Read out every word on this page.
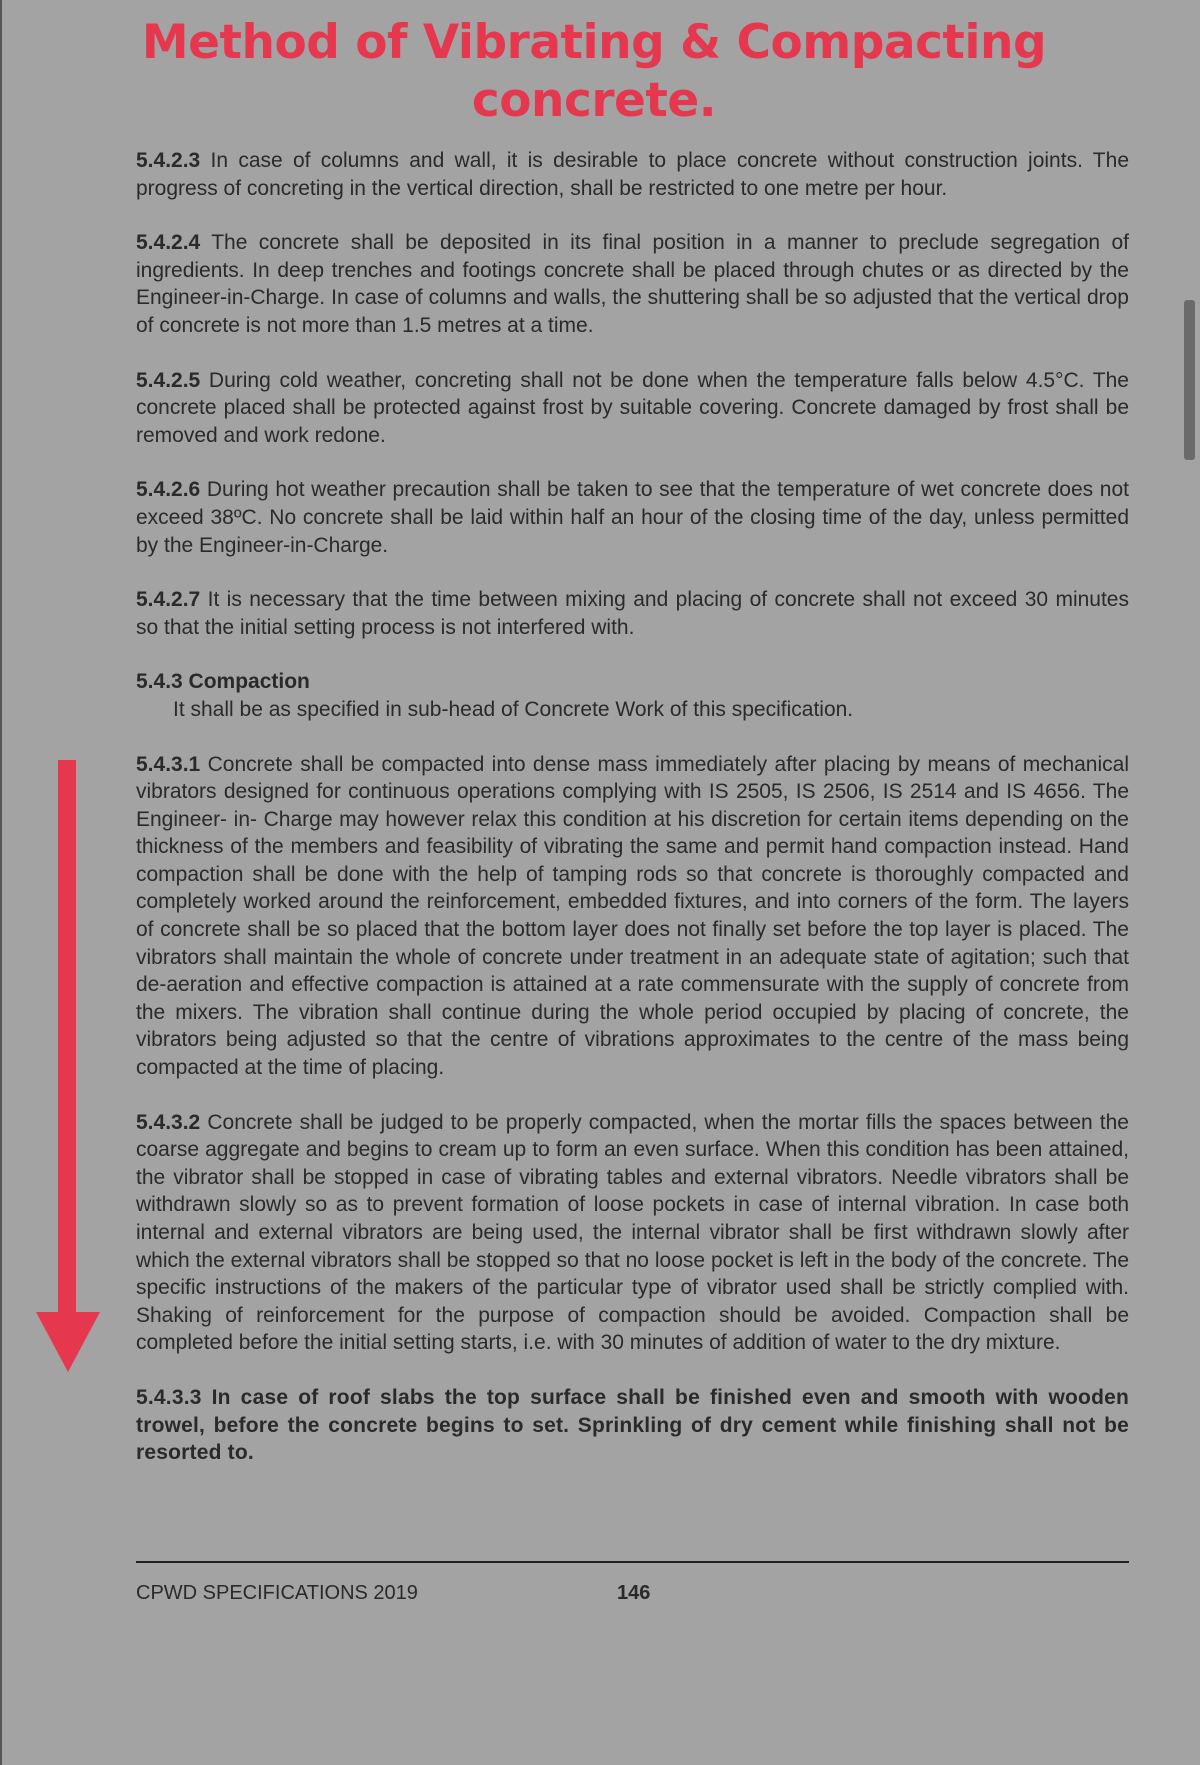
Method of Vibrating & Compacting
concrete.

5.4.2.3 In case of columns and wall, it is desirable to place concrete without construction joints. The progress of concreting in the vertical direction, shall be restricted to one metre per hour.

5.4.2.4 The concrete shall be deposited in its final position in a manner to preclude segregation of ingredients. In deep trenches and footings concrete shall be placed through chutes or as directed by the Engineer-in-Charge. In case of columns and walls, the shuttering shall be so adjusted that the vertical drop of concrete is not more than 1.5 metres at a time.

5.4.2.5 During cold weather, concreting shall not be done when the temperature falls below 4.5°C. The concrete placed shall be protected against frost by suitable covering. Concrete damaged by frost shall be removed and work redone.

5.4.2.6 During hot weather precaution shall be taken to see that the temperature of wet concrete does not exceed 38ºC. No concrete shall be laid within half an hour of the closing time of the day, unless permitted by the Engineer-in-Charge.

5.4.2.7 It is necessary that the time between mixing and placing of concrete shall not exceed 30 minutes so that the initial setting process is not interfered with.

5.4.3 Compaction

It shall be as specified in sub-head of Concrete Work of this specification.

5.4.3.1 Concrete shall be compacted into dense mass immediately after placing by means of mechanical vibrators designed for continuous operations complying with IS 2505, IS 2506, IS 2514 and IS 4656. The Engineer- in- Charge may however relax this condition at his discretion for certain items depending on the thickness of the members and feasibility of vibrating the same and permit hand compaction instead. Hand compaction shall be done with the help of tamping rods so that concrete is thoroughly compacted and completely worked around the reinforcement, embedded fixtures, and into corners of the form. The layers of concrete shall be so placed that the bottom layer does not finally set before the top layer is placed. The vibrators shall maintain the whole of concrete under treatment in an adequate state of agitation; such that de-aeration and effective compaction is attained at a rate commensurate with the supply of concrete from the mixers. The vibration shall continue during the whole period occupied by placing of concrete, the vibrators being adjusted so that the centre of vibrations approximates to the centre of the mass being compacted at the time of placing.

5.4.3.2 Concrete shall be judged to be properly compacted, when the mortar fills the spaces between the coarse aggregate and begins to cream up to form an even surface. When this condition has been attained, the vibrator shall be stopped in case of vibrating tables and external vibrators. Needle vibrators shall be withdrawn slowly so as to prevent formation of loose pockets in case of internal vibration. In case both internal and external vibrators are being used, the internal vibrator shall be first withdrawn slowly after which the external vibrators shall be stopped so that no loose pocket is left in the body of the concrete. The specific instructions of the makers of the particular type of vibrator used shall be strictly complied with. Shaking of reinforcement for the purpose of compaction should be avoided. Compaction shall be completed before the initial setting starts, i.e. with 30 minutes of addition of water to the dry mixture.

5.4.3.3 In case of roof slabs the top surface shall be finished even and smooth with wooden trowel, before the concrete begins to set. Sprinkling of dry cement while finishing shall not be resorted to.

CPWD SPECIFICATIONS 2019	146
